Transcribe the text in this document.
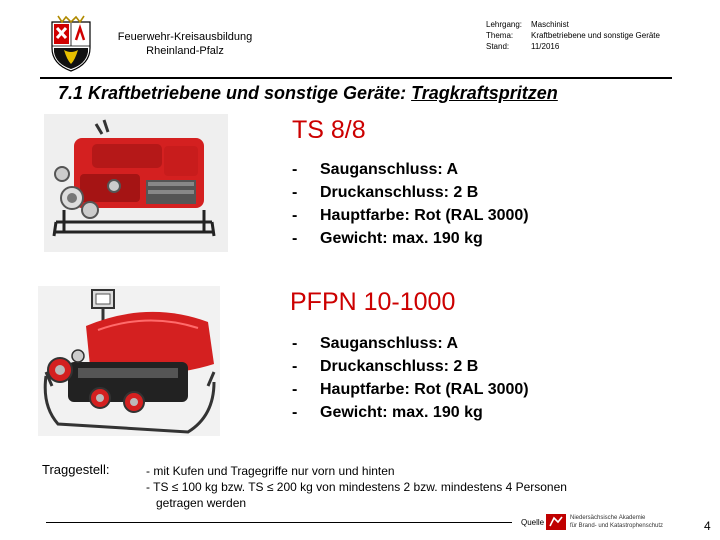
Feuerwehr-Kreisausbildung
Rheinland-Pfalz
Lehrgang:	Maschinist
Thema:	Kraftbetriebene und sonstige Geräte
Stand:	11/2016
7.1 Kraftbetriebene und sonstige Geräte: Tragkraftspritzen
TS 8/8
-	Sauganschluss: A
-	Druckanschluss: 2 B
-	Hauptfarbe: Rot (RAL 3000)
-	Gewicht: max. 190 kg
PFPN 10-1000
-	Sauganschluss: A
-	Druckanschluss: 2 B
-	Hauptfarbe: Rot (RAL 3000)
-	Gewicht: max. 190 kg
Traggestell:	- mit Kufen und Tragegriffe nur vorn und hinten
- TS ≤ 100 kg bzw. TS ≤ 200 kg von mindestens 2 bzw. mindestens 4 Personen
getragen werden
Quelle	Niedersächsische Akademie
für Brand- und Katastrophenschutz	4
